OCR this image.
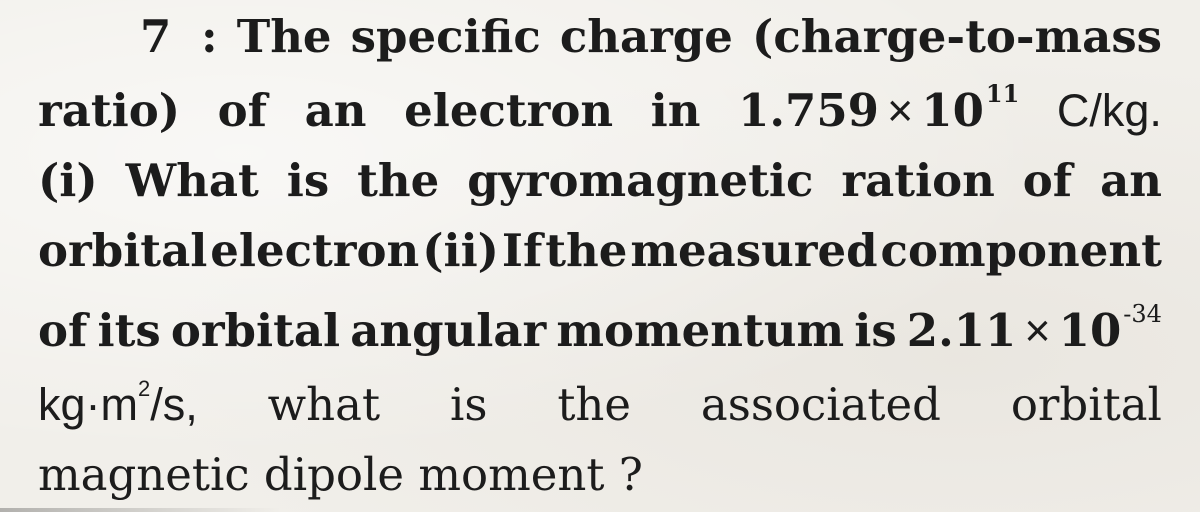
7 : The specific charge (charge-to-mass
ratio) of an electron in $1.759 \times 10^{11}$ C/kg.
(i) What is the gyromagnetic ration of an
orbital electron (ii) If the measured component
of its orbital angular momentum is $2.11 \times 10^{-34}$
$kg\cdot m^2/s$, what is the associated orbital
magnetic dipole moment ?
